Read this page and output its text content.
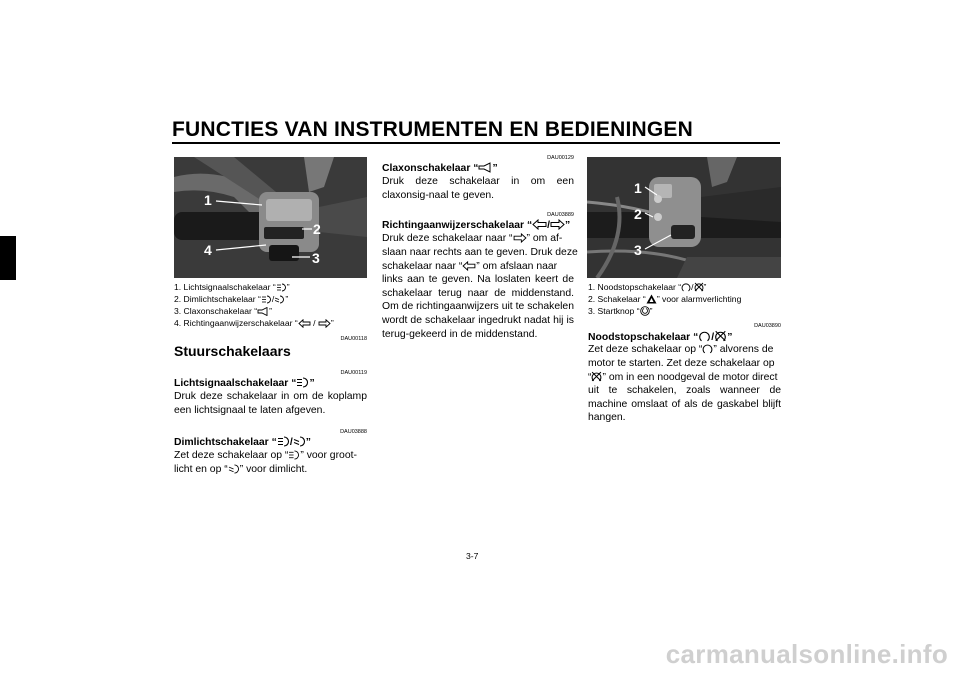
FUNCTIES VAN INSTRUMENTEN EN BEDIENINGEN
3
1
2
4	3
1. Lichtsignaalschakelaar “ ”
2. Dimlichtschakelaar “ / ”
3. Claxonschakelaar “ ”
4. Richtingaanwijzerschakelaar “ / ”
DAU00118
Stuurschakelaars
DAU00119
Lichtsignaalschakelaar “ ”
Druk deze schakelaar in om de koplamp een lichtsignaal te laten afgeven.
DAU03888
Dimlichtschakelaar “ / ”
Zet deze schakelaar op “ ” voor groot-
licht en op “ ” voor dimlicht.
DAU00129
Claxonschakelaar “ ”
Druk deze schakelaar in om een claxonsig-naal te geven.
DAU03889
Richtingaanwijzerschakelaar “ / ”
Druk deze schakelaar naar “ ” om af-
slaan naar rechts aan te geven. Druk deze
schakelaar naar “ ” om afslaan naar
links aan te geven. Na loslaten keert de schakelaar terug naar de middenstand. Om de richtingaanwijzers uit te schakelen wordt de schakelaar ingedrukt nadat hij is terug-gekeerd in de middenstand.
1
2
3
1. Noodstopschakelaar “ / ”
2. Schakelaar “ ” voor alarmverlichting
3. Startknop “ ”
DAU03890
Noodstopschakelaar “ / ”
Zet deze schakelaar op “ ” alvorens de
motor te starten. Zet deze schakelaar op
“ ” om in een noodgeval de motor direct
uit te schakelen, zoals wanneer de machine omslaat of als de gaskabel blijft hangen.
3-7
carmanualsonline.info
